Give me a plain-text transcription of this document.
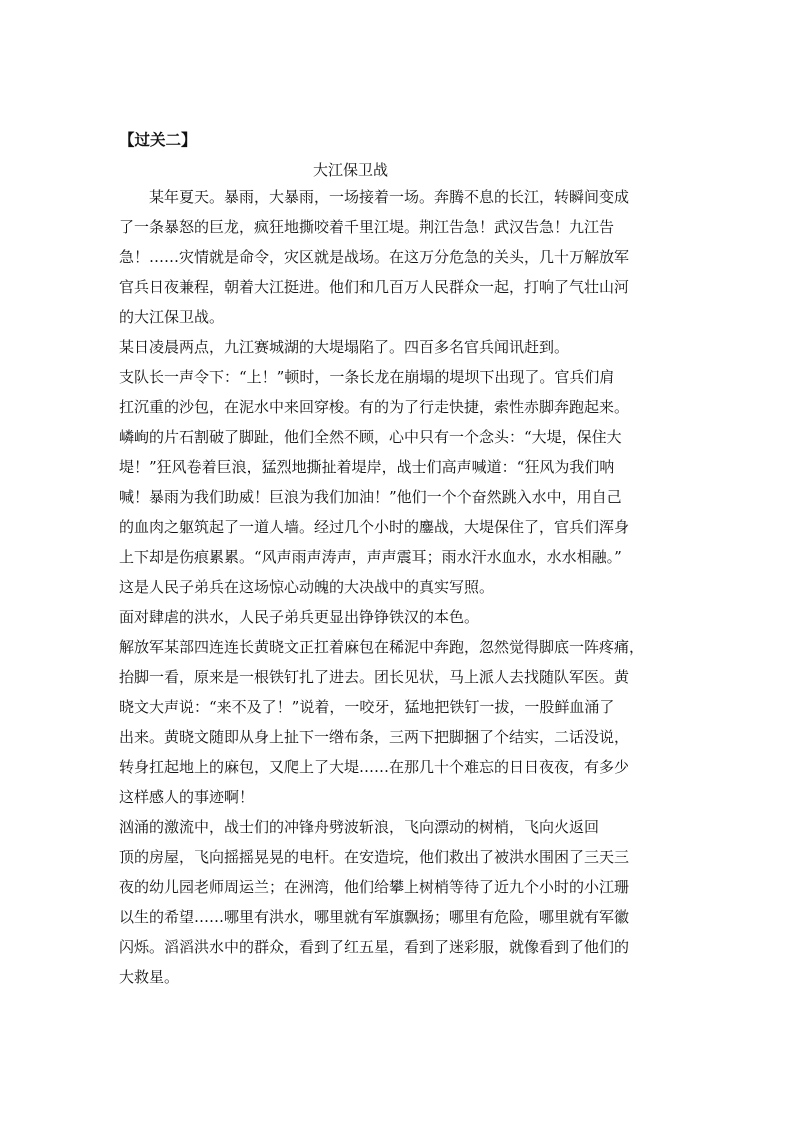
【过关二】
大江保卫战
某年夏天。暴雨，大暴雨，一场接着一场。奔腾不息的长江，转瞬间变成
了一条暴怒的巨龙，疯狂地撕咬着千里江堤。荆江告急！武汉告急！九江告
急！……灾情就是命令，灾区就是战场。在这万分危急的关头，几十万解放军
官兵日夜兼程，朝着大江挺进。他们和几百万人民群众一起，打响了气壮山河
的大江保卫战。
某日凌晨两点，九江赛城湖的大堤塌陷了。四百多名官兵闻讯赶到。
支队长一声令下：“上！”顿时，一条长龙在崩塌的堤坝下出现了。官兵们肩
扛沉重的沙包，在泥水中来回穿梭。有的为了行走快捷，索性赤脚奔跑起来。
嶙峋的片石割破了脚趾，他们全然不顾，心中只有一个念头：“大堤，保住大
堤！”狂风卷着巨浪，猛烈地撕扯着堤岸，战士们高声喊道：“狂风为我们呐
喊！暴雨为我们助威！巨浪为我们加油！”他们一个个奋然跳入水中，用自己
的血肉之躯筑起了一道人墙。经过几个小时的鏖战，大堤保住了，官兵们浑身
上下却是伤痕累累。“风声雨声涛声，声声震耳；雨水汗水血水，水水相融。”
这是人民子弟兵在这场惊心动魄的大决战中的真实写照。
面对肆虐的洪水，人民子弟兵更显出铮铮铁汉的本色。
解放军某部四连连长黄晓文正扛着麻包在稀泥中奔跑，忽然觉得脚底一阵疼痛，
抬脚一看，原来是一根铁钉扎了进去。团长见状，马上派人去找随队军医。黄
晓文大声说：“来不及了！”说着，一咬牙，猛地把铁钉一拔，一股鲜血涌了
出来。黄晓文随即从身上扯下一绺布条，三两下把脚捆了个结实，二话没说，
转身扛起地上的麻包，又爬上了大堤……在那几十个难忘的日日夜夜，有多少
这样感人的事迹啊！
汹涌的激流中，战士们的冲锋舟劈波斩浪，飞向漂动的树梢，飞向火返回
顶的房屋，飞向摇摇晃晃的电杆。在安造垸，他们救出了被洪水围困了三天三
夜的幼儿园老师周运兰；在洲湾，他们给攀上树梢等待了近九个小时的小江珊
以生的希望……哪里有洪水，哪里就有军旗飘扬；哪里有危险，哪里就有军徽
闪烁。滔滔洪水中的群众，看到了红五星，看到了迷彩服，就像看到了他们的
大救星。
